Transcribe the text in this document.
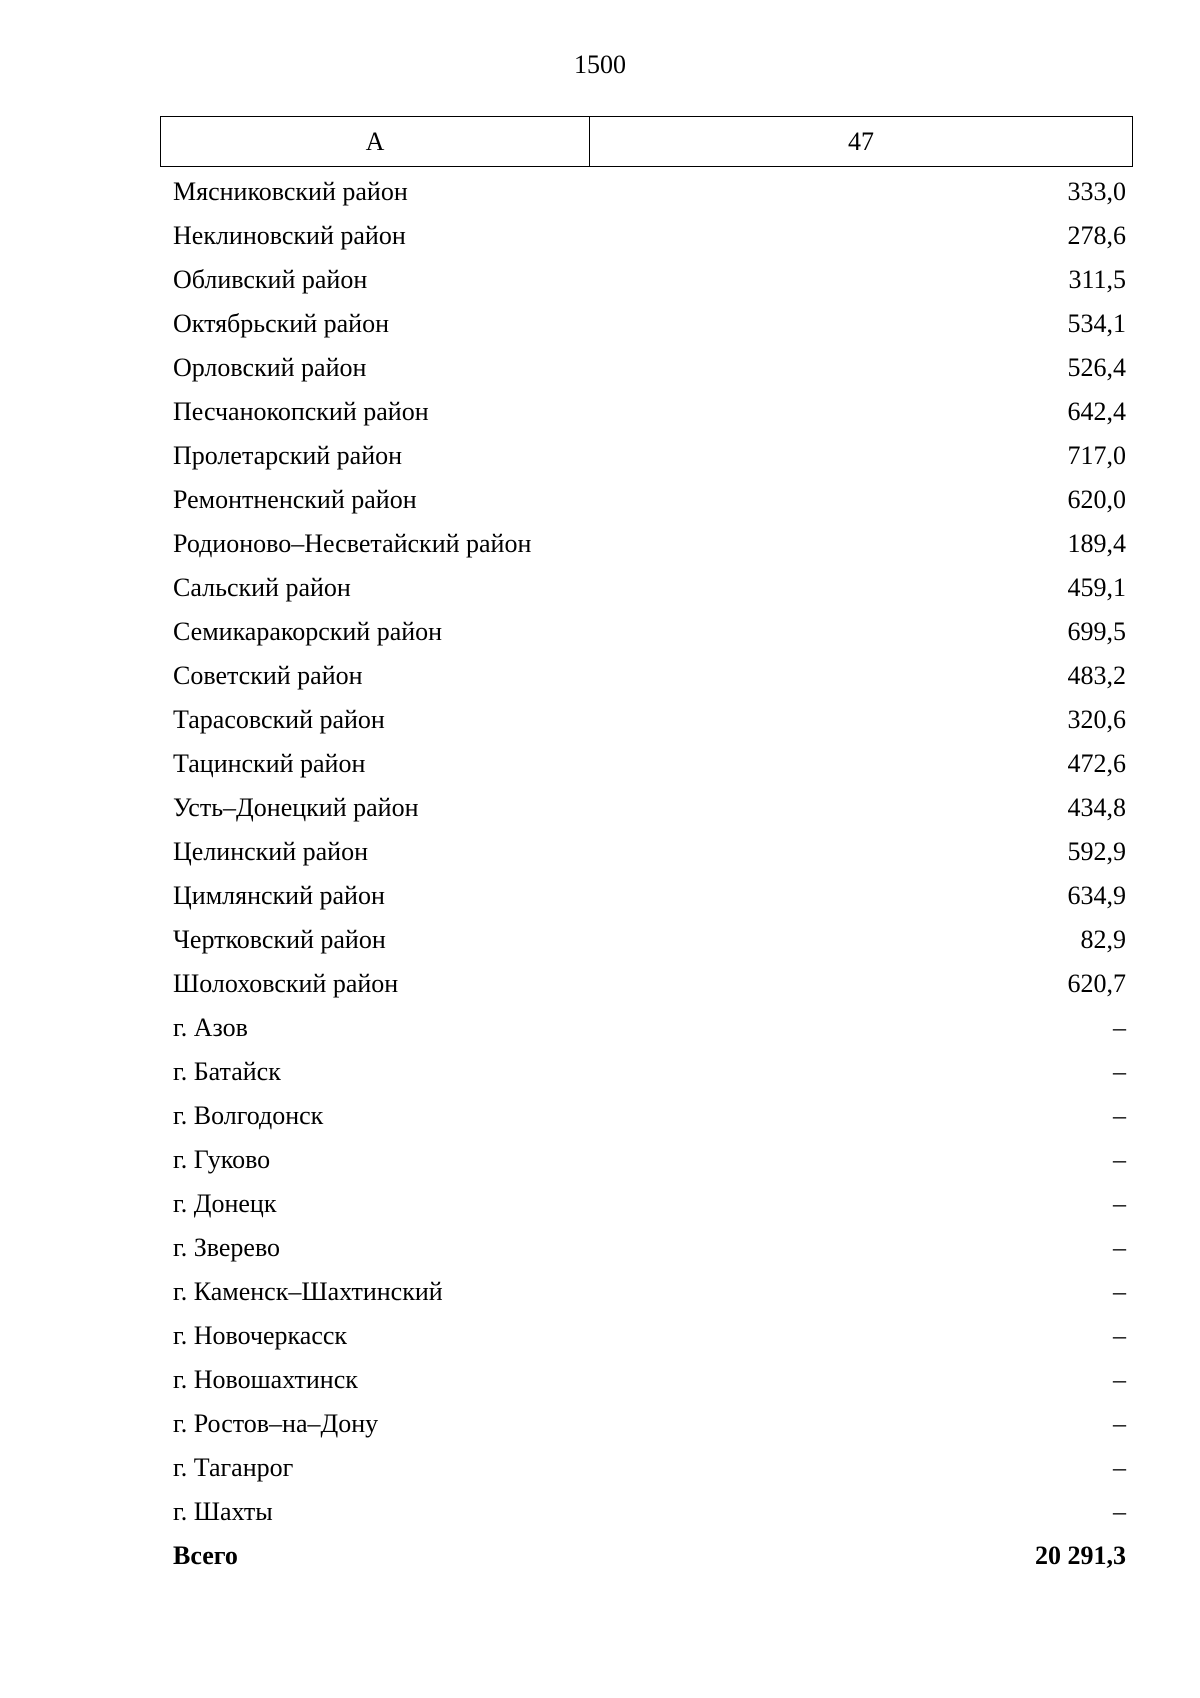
1500
А	47
Мясниковский район	333,0
Неклиновский район	278,6
Обливский район	311,5
Октябрьский район	534,1
Орловский район	526,4
Песчанокопский район	642,4
Пролетарский район	717,0
Ремонтненский район	620,0
Родионово–Несветайский район	189,4
Сальский район	459,1
Семикаракорский район	699,5
Советский район	483,2
Тарасовский район	320,6
Тацинский район	472,6
Усть–Донецкий район	434,8
Целинский район	592,9
Цимлянский район	634,9
Чертковский район	82,9
Шолоховский район	620,7
г. Азов	–
г. Батайск	–
г. Волгодонск	–
г. Гуково	–
г. Донецк	–
г. Зверево	–
г. Каменск–Шахтинский	–
г. Новочеркасск	–
г. Новошахтинск	–
г. Ростов–на–Дону	–
г. Таганрог	–
г. Шахты	–
Всего	20 291,3
